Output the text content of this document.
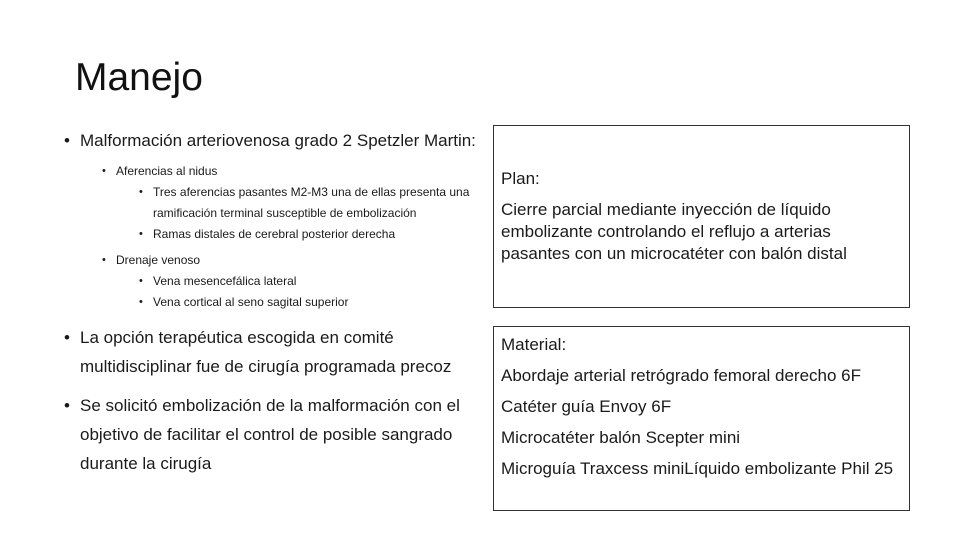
Manejo
• Malformación arteriovenosa grado 2 Spetzler Martin:
• Aferencias al nidus
• Tres aferencias pasantes M2-M3 una de ellas presenta una ramificación terminal susceptible de embolización
• Ramas distales de cerebral posterior derecha
• Drenaje venoso
• Vena mesencefálica lateral
• Vena cortical al seno sagital superior
• La opción terapéutica escogida en comité multidisciplinar fue de cirugía programada precoz
• Se solicitó embolización de la malformación con el objetivo de facilitar el control de posible sangrado durante la cirugía

Plan:

Cierre parcial mediante inyección de líquido embolizante controlando el reflujo a arterias pasantes con un microcatéter con balón distal

Material:

Abordaje arterial retrógrado femoral derecho 6F

Catéter guía Envoy 6F

Microcatéter balón Scepter mini

Microguía Traxcess miniLíquido embolizante Phil 25
